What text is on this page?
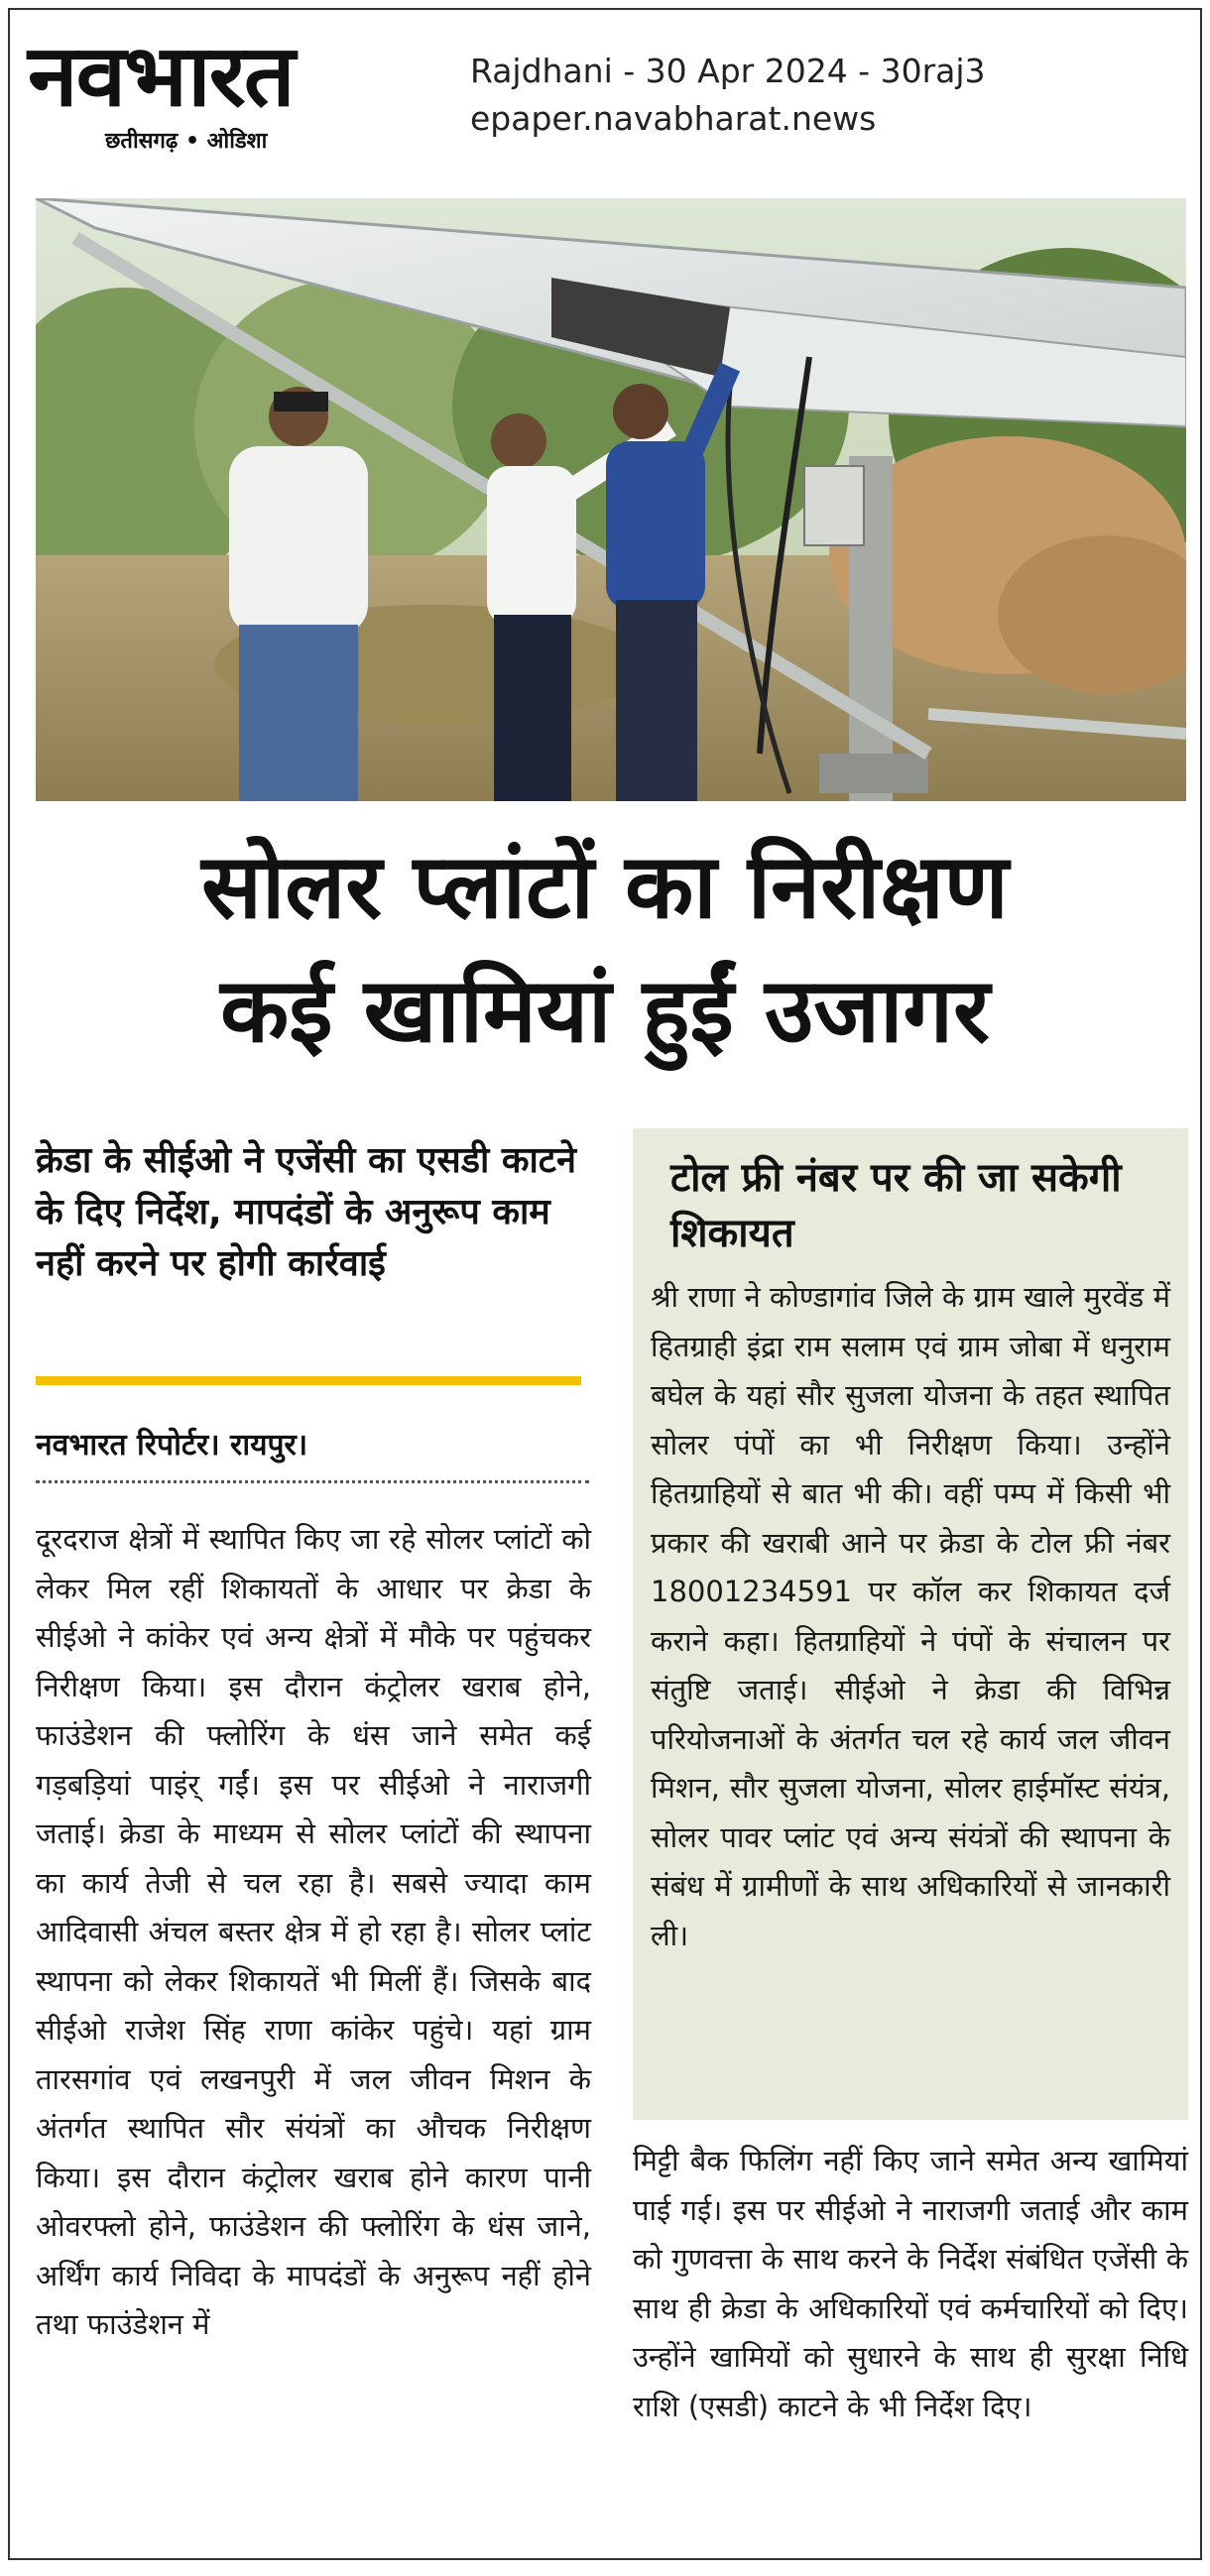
नवभारत
छतीसगढ़ • ओडिशा
Rajdhani - 30 Apr 2024 - 30raj3
epaper.navabharat.news
सोलर प्लांटों का निरीक्षण
कई खामियां हुईं उजागर
क्रेडा के सीईओ ने एजेंसी का एसडी काटने के दिए निर्देश, मापदंडों के अनुरूप काम नहीं करने पर होगी कार्रवाई
नवभारत रिपोर्टर। रायपुर।
दूरदराज क्षेत्रों में स्थापित किए जा रहे सोलर प्लांटों को लेकर मिल रहीं शिकायतों के आधार पर क्रेडा के सीईओ ने कांकेर एवं अन्य क्षेत्रों में मौके पर पहुंचकर निरीक्षण किया। इस दौरान कंट्रोलर खराब होने, फाउंडेशन की फ्लोरिंग के धंस जाने समेत कई गड़बड़ियां पाइंर् गईं। इस पर सीईओ ने नाराजगी जताई। क्रेडा के माध्यम से सोलर प्लांटों की स्थापना का कार्य तेजी से चल रहा है। सबसे ज्यादा काम आदिवासी अंचल बस्तर क्षेत्र में हो रहा है। सोलर प्लांट स्थापना को लेकर शिकायतें भी मिलीं हैं। जिसके बाद सीईओ राजेश सिंह राणा कांकेर पहुंचे। यहां ग्राम तारसगांव एवं लखनपुरी में जल जीवन मिशन के अंतर्गत स्थापित सौर संयंत्रों का औचक निरीक्षण किया। इस दौरान कंट्रोलर खराब होने कारण पानी ओवरफ्लो होने, फाउंडेशन की फ्लोरिंग के धंस जाने, अर्थिंग कार्य निविदा के मापदंडों के अनुरूप नहीं होने तथा फाउंडेशन में
टोल फ्री नंबर पर की जा सकेगी शिकायत
श्री राणा ने कोण्डागांव जिले के ग्राम खाले मुरवेंड में हितग्राही इंद्रा राम सलाम एवं ग्राम जोबा में धनुराम बघेल के यहां सौर सुजला योजना के तहत स्थापित सोलर पंपों का भी निरीक्षण किया। उन्होंने हितग्राहियों से बात भी की। वहीं पम्प में किसी भी प्रकार की खराबी आने पर क्रेडा के टोल फ्री नंबर 18001234591 पर कॉल कर शिकायत दर्ज कराने कहा। हितग्राहियों ने पंपों के संचालन पर संतुष्टि जताई। सीईओ ने क्रेडा की विभिन्न परियोजनाओं के अंतर्गत चल रहे कार्य जल जीवन मिशन, सौर सुजला योजना, सोलर हाईमॉस्ट संयंत्र, सोलर पावर प्लांट एवं अन्य संयंत्रों की स्थापना के संबंध में ग्रामीणों के साथ अधिकारियों से जानकारी ली।
मिट्टी बैक फिलिंग नहीं किए जाने समेत अन्य खामियां पाई गई। इस पर सीईओ ने नाराजगी जताई और काम को गुणवत्ता के साथ करने के निर्देश संबंधित एजेंसी के साथ ही क्रेडा के अधिकारियों एवं कर्मचारियों को दिए। उन्होंने खामियों को सुधारने के साथ ही सुरक्षा निधि राशि (एसडी) काटने के भी निर्देश दिए।
